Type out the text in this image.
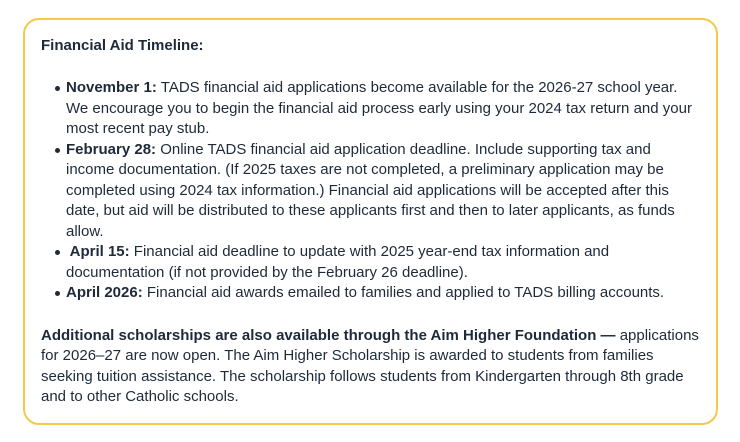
Financial Aid Timeline:
November 1: TADS financial aid applications become available for the 2026-27 school year. We encourage you to begin the financial aid process early using your 2024 tax return and your most recent pay stub.
February 28: Online TADS financial aid application deadline. Include supporting tax and income documentation. (If 2025 taxes are not completed, a preliminary application may be completed using 2024 tax information.) Financial aid applications will be accepted after this date, but aid will be distributed to these applicants first and then to later applicants, as funds allow.
April 15: Financial aid deadline to update with 2025 year-end tax information and documentation (if not provided by the February 26 deadline).
April 2026: Financial aid awards emailed to families and applied to TADS billing accounts.

Additional scholarships are also available through the Aim Higher Foundation — applications for 2026–27 are now open. The Aim Higher Scholarship is awarded to students from families seeking tuition assistance. The scholarship follows students from Kindergarten through 8th grade and to other Catholic schools.
